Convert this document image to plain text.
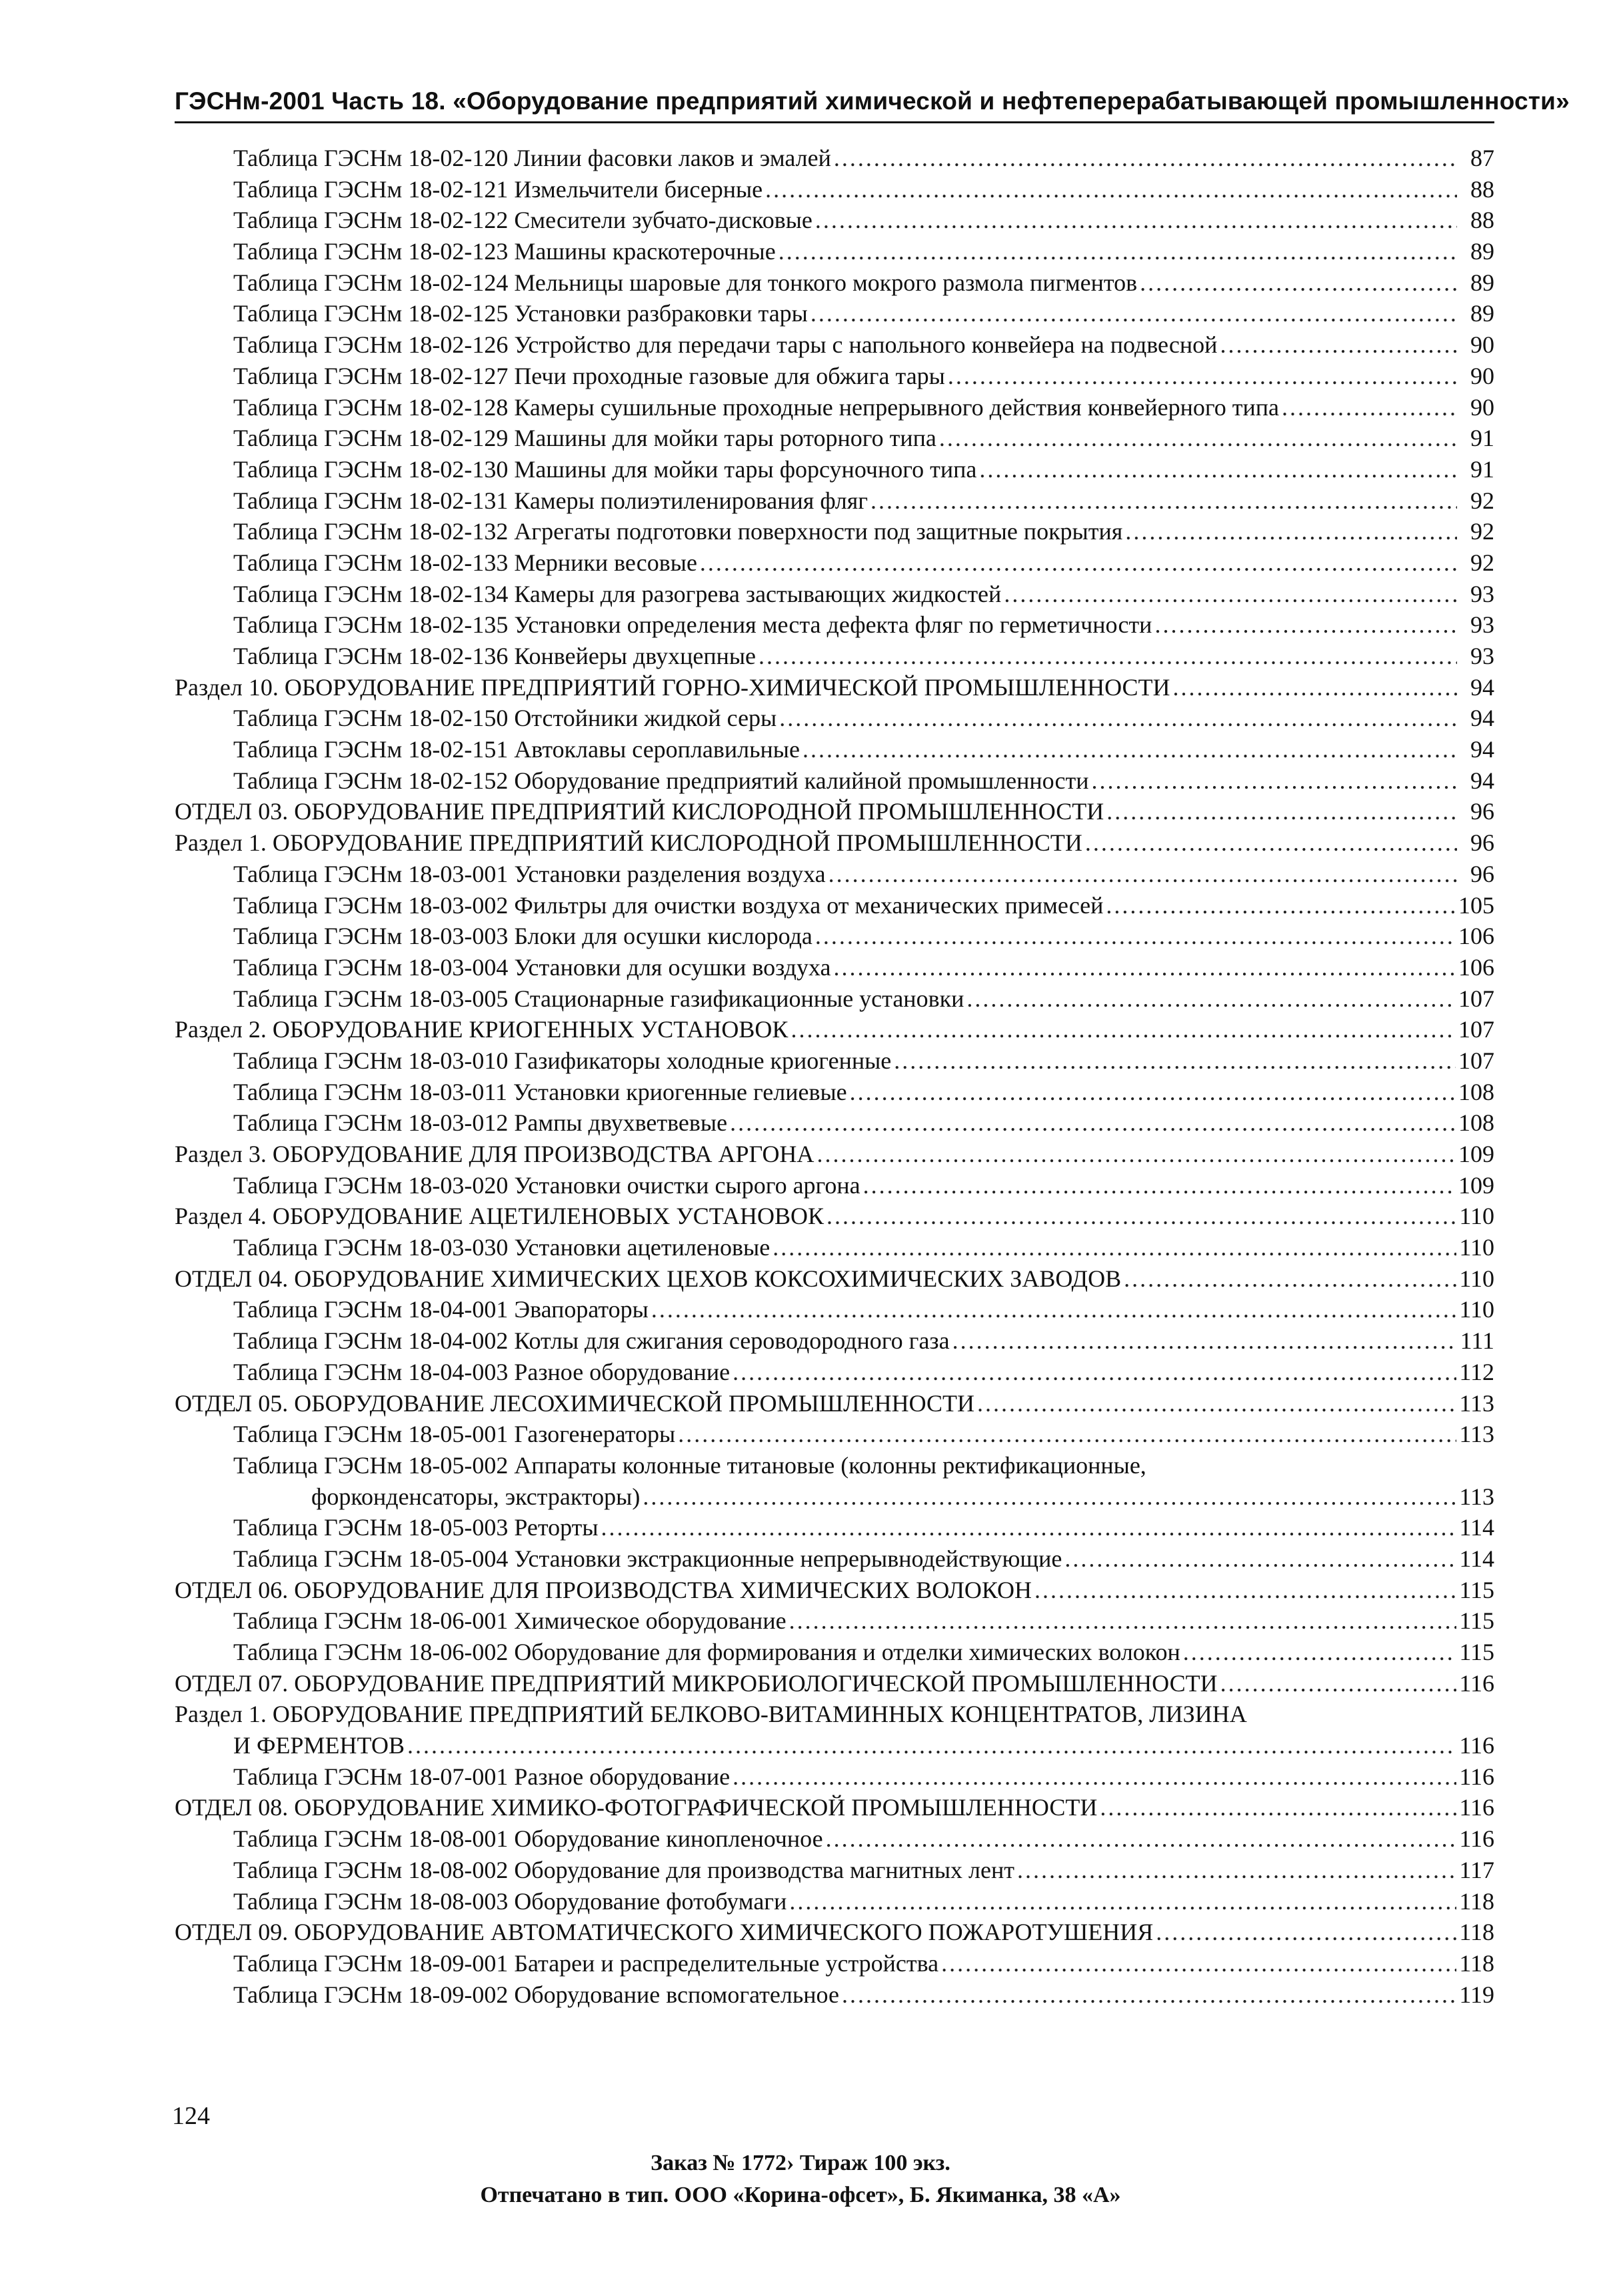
ГЭСНм-2001 Часть 18. «Оборудование предприятий химической и нефтеперерабатывающей промышленности»
Таблица ГЭСНм 18-02-120 Линии фасовки лаков и эмалей .....	87
Таблица ГЭСНм 18-02-121 Измельчители бисерные .....	88
Таблица ГЭСНм 18-02-122 Смесители зубчато-дисковые .....	88
Таблица ГЭСНм 18-02-123 Машины краскотерочные .....	89
Таблица ГЭСНм 18-02-124 Мельницы шаровые для тонкого мокрого размола пигментов .....	89
Таблица ГЭСНм 18-02-125 Установки разбраковки тары .....	89
Таблица ГЭСНм 18-02-126 Устройство для передачи тары с напольного конвейера на подвесной .....	90
Таблица ГЭСНм 18-02-127 Печи проходные газовые для обжига тары .....	90
Таблица ГЭСНм 18-02-128 Камеры сушильные проходные непрерывного действия конвейерного типа .....	90
Таблица ГЭСНм 18-02-129 Машины для мойки тары роторного типа .....	91
Таблица ГЭСНм 18-02-130 Машины для мойки тары форсуночного типа .....	91
Таблица ГЭСНм 18-02-131 Камеры полиэтиленирования фляг .....	92
Таблица ГЭСНм 18-02-132 Агрегаты подготовки поверхности под защитные покрытия .....	92
Таблица ГЭСНм 18-02-133 Мерники весовые .....	92
Таблица ГЭСНм 18-02-134 Камеры для разогрева застывающих жидкостей .....	93
Таблица ГЭСНм 18-02-135 Установки определения места дефекта фляг по герметичности .....	93
Таблица ГЭСНм 18-02-136 Конвейеры двухцепные .....	93
Раздел 10. ОБОРУДОВАНИЕ ПРЕДПРИЯТИЙ ГОРНО-ХИМИЧЕСКОЙ ПРОМЫШЛЕННОСТИ .....	94
Таблица ГЭСНм 18-02-150 Отстойники жидкой серы .....	94
Таблица ГЭСНм 18-02-151 Автоклавы сероплавильные .....	94
Таблица ГЭСНм 18-02-152 Оборудование предприятий калийной промышленности .....	94
ОТДЕЛ 03. ОБОРУДОВАНИЕ ПРЕДПРИЯТИЙ КИСЛОРОДНОЙ ПРОМЫШЛЕННОСТИ .....	96
Раздел 1. ОБОРУДОВАНИЕ ПРЕДПРИЯТИЙ КИСЛОРОДНОЙ ПРОМЫШЛЕННОСТИ .....	96
Таблица ГЭСНм 18-03-001 Установки разделения воздуха .....	96
Таблица ГЭСНм 18-03-002 Фильтры для очистки воздуха от механических примесей .....	105
Таблица ГЭСНм 18-03-003 Блоки для осушки кислорода .....	106
Таблица ГЭСНм 18-03-004 Установки для осушки воздуха .....	106
Таблица ГЭСНм 18-03-005 Стационарные газификационные установки .....	107
Раздел 2. ОБОРУДОВАНИЕ КРИОГЕННЫХ УСТАНОВОК .....	107
Таблица ГЭСНм 18-03-010 Газификаторы холодные криогенные .....	107
Таблица ГЭСНм 18-03-011 Установки криогенные гелиевые .....	108
Таблица ГЭСНм 18-03-012 Рампы двухветвевые .....	108
Раздел 3. ОБОРУДОВАНИЕ ДЛЯ ПРОИЗВОДСТВА АРГОНА .....	109
Таблица ГЭСНм 18-03-020 Установки очистки сырого аргона .....	109
Раздел 4. ОБОРУДОВАНИЕ АЦЕТИЛЕНОВЫХ УСТАНОВОК .....	110
Таблица ГЭСНм 18-03-030 Установки ацетиленовые .....	110
ОТДЕЛ 04. ОБОРУДОВАНИЕ ХИМИЧЕСКИХ ЦЕХОВ КОКСОХИМИЧЕСКИХ ЗАВОДОВ .....	110
Таблица ГЭСНм 18-04-001 Эвапораторы .....	110
Таблица ГЭСНм 18-04-002 Котлы для сжигания сероводородного газа .....	111
Таблица ГЭСНм 18-04-003 Разное оборудование .....	112
ОТДЕЛ 05. ОБОРУДОВАНИЕ ЛЕСОХИМИЧЕСКОЙ ПРОМЫШЛЕННОСТИ .....	113
Таблица ГЭСНм 18-05-001 Газогенераторы .....	113
Таблица ГЭСНм 18-05-002 Аппараты колонные титановые (колонны ректификационные,
форконденсаторы, экстракторы) .....	113
Таблица ГЭСНм 18-05-003 Реторты .....	114
Таблица ГЭСНм 18-05-004 Установки экстракционные непрерывнодействующие .....	114
ОТДЕЛ 06. ОБОРУДОВАНИЕ ДЛЯ ПРОИЗВОДСТВА ХИМИЧЕСКИХ ВОЛОКОН .....	115
Таблица ГЭСНм 18-06-001 Химическое оборудование .....	115
Таблица ГЭСНм 18-06-002 Оборудование для формирования и отделки химических волокон .....	115
ОТДЕЛ 07. ОБОРУДОВАНИЕ ПРЕДПРИЯТИЙ МИКРОБИОЛОГИЧЕСКОЙ ПРОМЫШЛЕННОСТИ .....	116
Раздел 1. ОБОРУДОВАНИЕ ПРЕДПРИЯТИЙ БЕЛКОВО-ВИТАМИННЫХ КОНЦЕНТРАТОВ, ЛИЗИНА
И ФЕРМЕНТОВ .....	116
Таблица ГЭСНм 18-07-001 Разное оборудование .....	116
ОТДЕЛ 08. ОБОРУДОВАНИЕ ХИМИКО-ФОТОГРАФИЧЕСКОЙ ПРОМЫШЛЕННОСТИ .....	116
Таблица ГЭСНм 18-08-001 Оборудование кинопленочное .....	116
Таблица ГЭСНм 18-08-002 Оборудование для производства магнитных лент .....	117
Таблица ГЭСНм 18-08-003 Оборудование фотобумаги .....	118
ОТДЕЛ 09. ОБОРУДОВАНИЕ АВТОМАТИЧЕСКОГО ХИМИЧЕСКОГО ПОЖАРОТУШЕНИЯ .....	118
Таблица ГЭСНм 18-09-001 Батареи и распределительные устройства .....	118
Таблица ГЭСНм 18-09-002 Оборудование вспомогательное .....	119
Заказ № 1772› Тираж 100 экз.
Отпечатано в тип. ООО «Корина-офсет», Б. Якиманка, 38 «А»
124
